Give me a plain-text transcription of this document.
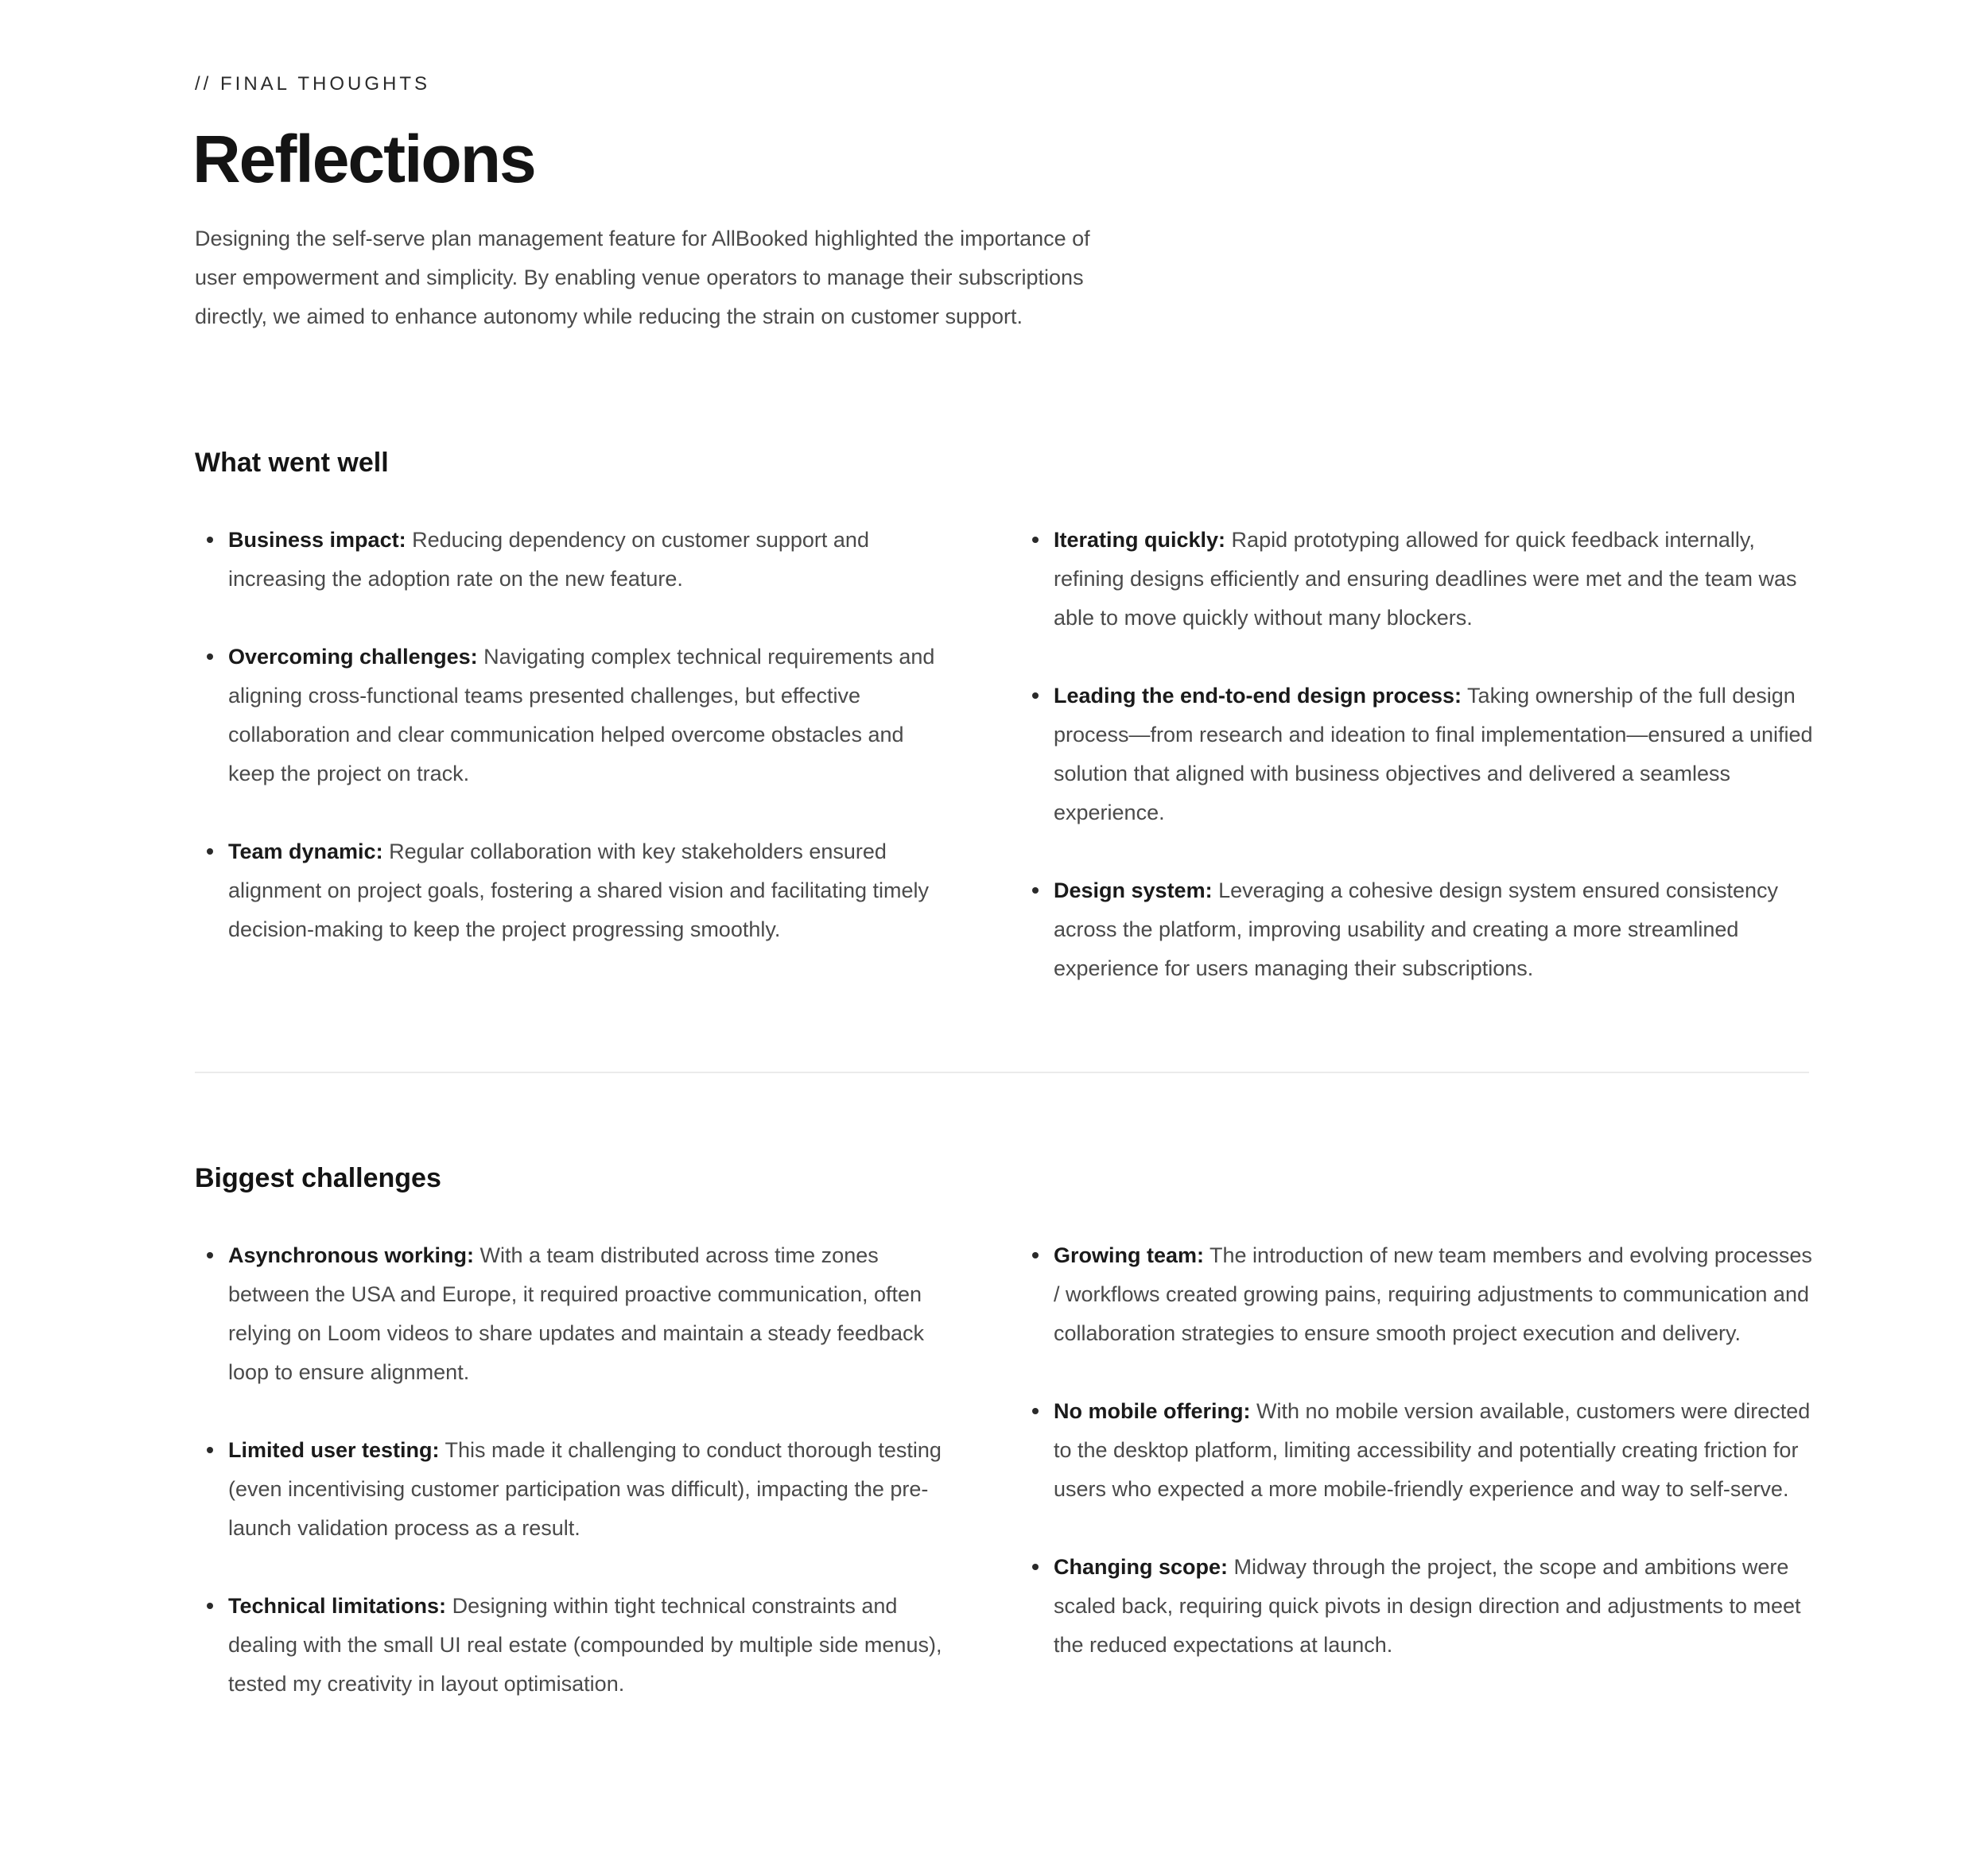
// FINAL THOUGHTS
Reflections

Designing the self-serve plan management feature for AllBooked highlighted the importance of user empowerment and simplicity. By enabling venue operators to manage their subscriptions directly, we aimed to enhance autonomy while reducing the strain on customer support.

What went well
Business impact: Reducing dependency on customer support and increasing the adoption rate on the new feature.
Overcoming challenges: Navigating complex technical requirements and aligning cross-functional teams presented challenges, but effective collaboration and clear communication helped overcome obstacles and keep the project on track.
Team dynamic: Regular collaboration with key stakeholders ensured alignment on project goals, fostering a shared vision and facilitating timely decision-making to keep the project progressing smoothly.
Iterating quickly: Rapid prototyping allowed for quick feedback internally, refining designs efficiently and ensuring deadlines were met and the team was able to move quickly without many blockers.
Leading the end-to-end design process: Taking ownership of the full design process—from research and ideation to final implementation—ensured a unified solution that aligned with business objectives and delivered a seamless experience.
Design system: Leveraging a cohesive design system ensured consistency across the platform, improving usability and creating a more streamlined experience for users managing their subscriptions.
Biggest challenges
Asynchronous working: With a team distributed across time zones between the USA and Europe, it required proactive communication, often relying on Loom videos to share updates and maintain a steady feedback loop to ensure alignment.
Limited user testing: This made it challenging to conduct thorough testing (even incentivising customer participation was difficult), impacting the pre-launch validation process as a result.
Technical limitations: Designing within tight technical constraints and dealing with the small UI real estate (compounded by multiple side menus), tested my creativity in layout optimisation.
Growing team: The introduction of new team members and evolving processes / workflows created growing pains, requiring adjustments to communication and collaboration strategies to ensure smooth project execution and delivery.
No mobile offering: With no mobile version available, customers were directed to the desktop platform, limiting accessibility and potentially creating friction for users who expected a more mobile-friendly experience and way to self-serve.
Changing scope: Midway through the project, the scope and ambitions were scaled back, requiring quick pivots in design direction and adjustments to meet the reduced expectations at launch.
